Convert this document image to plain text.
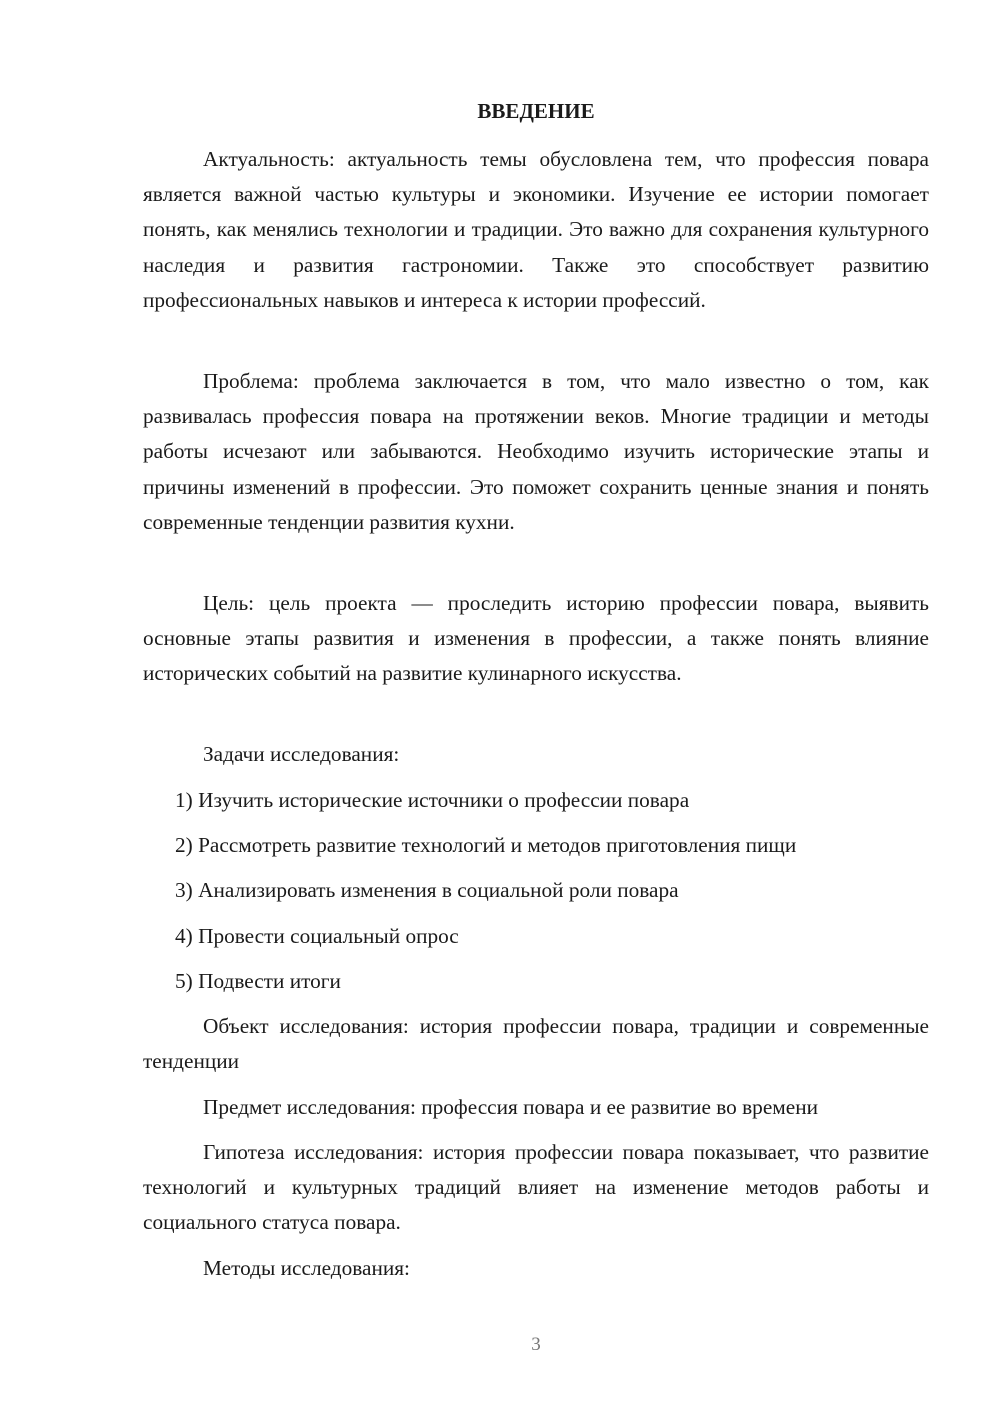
ВВЕДЕНИЕ

Актуальность: актуальность темы обусловлена тем, что профессия повара является важной частью культуры и экономики. Изучение ее истории помогает понять, как менялись технологии и традиции. Это важно для сохранения культурного наследия и развития гастрономии. Также это способствует развитию профессиональных навыков и интереса к истории профессий.

Проблема: проблема заключается в том, что мало известно о том, как развивалась профессия повара на протяжении веков. Многие традиции и методы работы исчезают или забываются. Необходимо изучить исторические этапы и причины изменений в профессии. Это поможет сохранить ценные знания и понять современные тенденции развития кухни.

Цель: цель проекта — проследить историю профессии повара, выявить основные этапы развития и изменения в профессии, а также понять влияние исторических событий на развитие кулинарного искусства.

Задачи исследования:

1) Изучить исторические источники о профессии повара

2) Рассмотреть развитие технологий и методов приготовления пищи

3) Анализировать изменения в социальной роли повара

4) Провести социальный опрос

5) Подвести итоги

Объект исследования: история профессии повара, традиции и современные тенденции

Предмет исследования: профессия повара и ее развитие во времени

Гипотеза исследования: история профессии повара показывает, что развитие технологий и культурных традиций влияет на изменение методов работы и социального статуса повара.

Методы исследования:

3
